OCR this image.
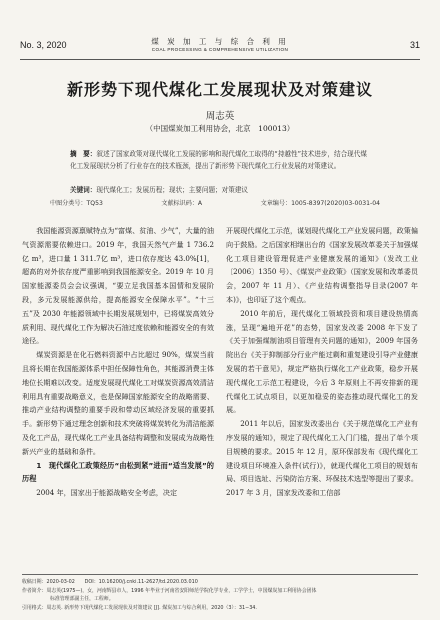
No. 3, 2020	煤 炭 加 工 与 综 合 利 用
COAL PROCESSING & COMPREHENSIVE UTILIZATION	31
新形势下现代煤化工发展现状及对策建议
周志英
（中国煤炭加工利用协会，北京　100013）
摘　要：叙述了国家政策对现代煤化工发展的影响和现代煤化工取得的“持越性”技术进步，结合现代煤化工发展现状分析了行业存在的技术瓶颈，提出了新形势下现代煤化工行业发展的对策建议。
关键词：现代煤化工；发展历程；现状；主要问题；对策建议
中图分类号：TQ53	文献标识码：A	文章编号：1005-8397(2020)03-0031-04

我国能源资源禀赋特点为“富煤、贫油、少气”，大量的油气资源需要依赖进口。2019 年，我国天然气产量 1 736.2 亿 m³，进口量 1 311.7亿 m³，进口依存度达 43.0%[1]，超高的对外依存度严重影响到我国能源安全。2019 年 10 月国家能源委员会会议强调，“要立足我国基本国情和发展阶段，多元发展能源供给，提高能源安全保障水平”。“十三五”及 2030 年能源领域中长期发展规划中，已将煤炭高效分质利用、现代煤化工作为解决石油过度依赖和能源安全的有效途径。

煤炭资源是在化石燃料资源中占比超过 90%，煤炭当前且将长期在我国能源体系中担任保障性角色，其能源消费主体地位长期难以改变。适度发展现代煤化工对煤炭资源高效清洁利用具有重要战略意义，也是保障国家能源安全的战略需要、推动产业结构调整的重要手段和带动区域经济发展的重要抓手。新形势下通过理念创新和技术突破将煤炭转化为清洁能源及化工产品，现代煤化工产业具备结构调整和发展成为战略性新兴产业的基础和条件。

1　现代煤化工政策经历“由松到紧”进而“适当发展”的历程

2004 年，国家出于能源战略安全考虑，决定

开展现代煤化工示范，谋划现代煤化工产业发展问题，政策偏向于鼓励。之后国家相继出台的《国家发展改革委关于加强煤化工项目建设管理促进产业健康发展的通知》（发改工业〔2006〕1350 号）、《煤炭产业政策》（国家发展和改革委员会，2007 年 11 月）、《产业结构调整指导目录(2007 年本)》，也印证了这个观点。

2010 年前后，现代煤化工领域投资和项目建设热情高涨，呈现“遍地开花”的态势，国家发改委 2008 年下发了《关于加强煤制油项目管理有关问题的通知》，2009 年国务院出台《关于抑制部分行业产能过剩和重复建设引导产业健康发展的若干意见》，规定严格执行煤化工产业政策，稳步开展现代煤化工示范工程建设，今后 3 年原则上不再安排新的现代煤化工试点项目，以更加稳妥的姿态推动现代煤化工的发展。

2011 年以后，国家发改委出台《关于规范煤化工产业有序发展的通知》，规定了现代煤化工入门门槛，提出了单个项目规模的要求。2015 年 12 月，原环保部发布《现代煤化工建设项目环境准入条件(试行)》，就现代煤化工项目的规划布局、项目选址、污染防治方案、环保技术选型等提出了要求。2017 年 3 月，国家发改委和工信部

收稿日期：2020-03-02　　DOI：10.16200/j.cnki.11-2627/td.2020.03.010
作者简介：周志英(1975—)，女，河南辉县市人，1996 年毕业于河南省安阳师范学院化学专业，工学学士，中国煤炭加工利用协会团体
标准管理部副主任，工程师。
引用格式：周志英. 新形势下现代煤化工发展现状及对策建议 [J]. 煤炭加工与综合利用，2020（3）：31−34.
